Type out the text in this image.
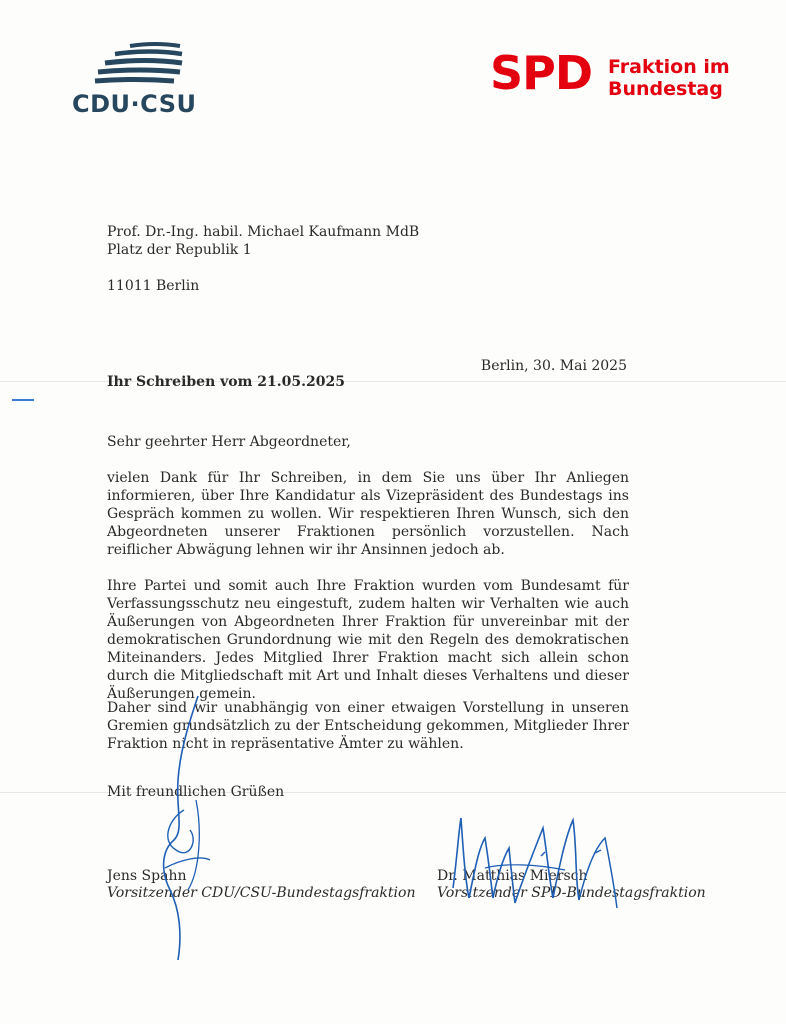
CDU·CSU
SPD Fraktion im
Bundestag
Prof. Dr.-Ing. habil. Michael Kaufmann MdB
Platz der Republik 1
11011 Berlin
Berlin, 30. Mai 2025
Ihr Schreiben vom 21.05.2025
Sehr geehrter Herr Abgeordneter,
vielen Dank für Ihr Schreiben, in dem Sie uns über Ihr Anliegen informieren, über Ihre Kandidatur als Vizepräsident des Bundestags ins Gespräch kommen zu wollen. Wir respektieren Ihren Wunsch, sich den Abgeordneten unserer Fraktionen persönlich vorzustellen. Nach reiflicher Abwägung lehnen wir ihr Ansinnen jedoch ab.
Ihre Partei und somit auch Ihre Fraktion wurden vom Bundesamt für Verfassungsschutz neu eingestuft, zudem halten wir Verhalten wie auch Äußerungen von Abgeordneten Ihrer Fraktion für unvereinbar mit der demokratischen Grundordnung wie mit den Regeln des demokratischen Miteinanders. Jedes Mitglied Ihrer Fraktion macht sich allein schon durch die Mitgliedschaft mit Art und Inhalt dieses Verhaltens und dieser Äußerungen gemein.
Daher sind wir unabhängig von einer etwaigen Vorstellung in unseren Gremien grundsätzlich zu der Entscheidung gekommen, Mitglieder Ihrer Fraktion nicht in repräsentative Ämter zu wählen.
Mit freundlichen Grüßen
Jens Spahn
Vorsitzender CDU/CSU-Bundestagsfraktion
Dr. Matthias Miersch
Vorsitzender SPD-Bundestagsfraktion
